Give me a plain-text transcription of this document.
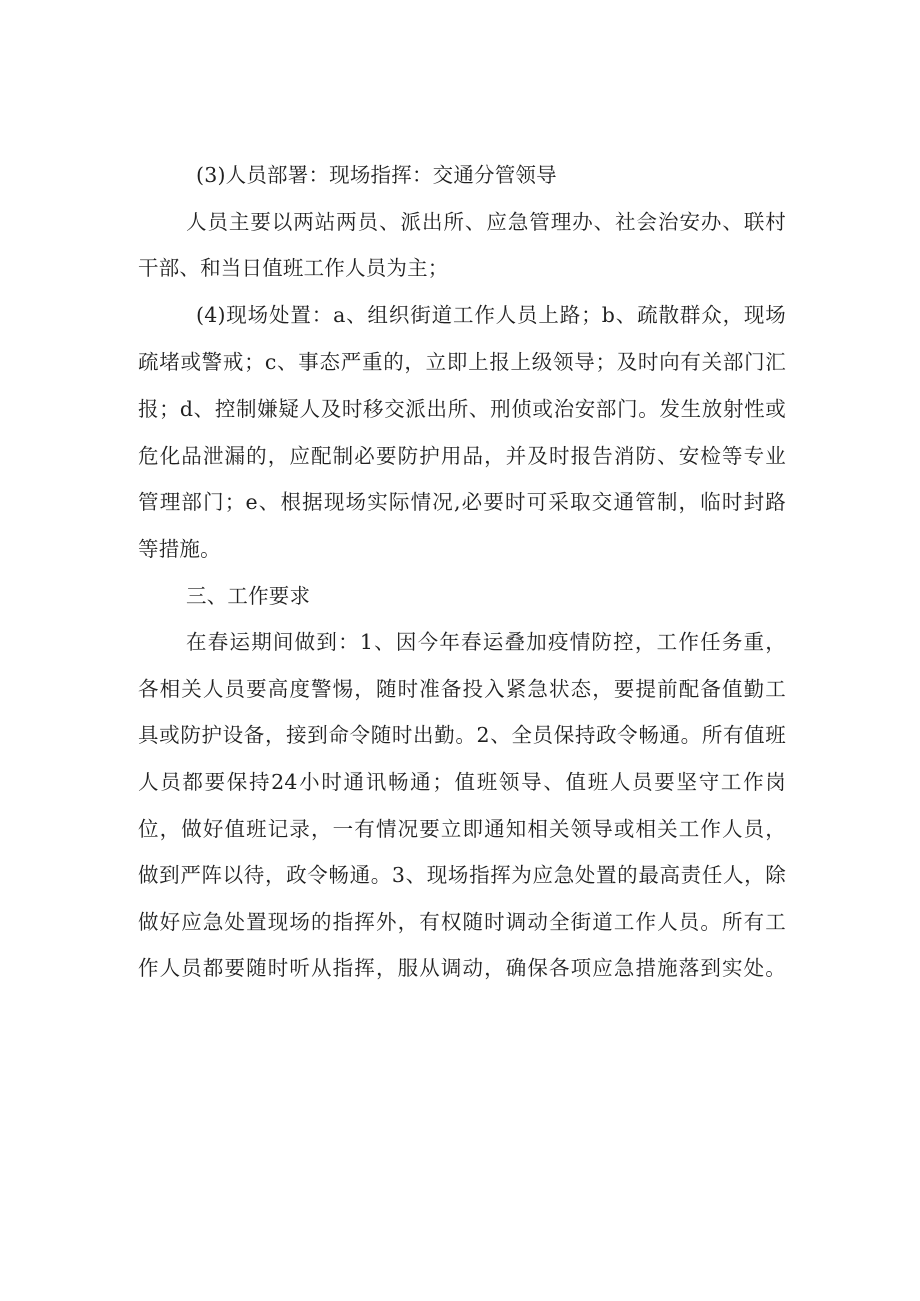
(3)人员部署：现场指挥：交通分管领导
人员主要以两站两员、派出所、应急管理办、社会治安办、联村
干部、和当日值班工作人员为主；
(4)现场处置：a、组织街道工作人员上路；b、疏散群众，现场
疏堵或警戒；c、事态严重的，立即上报上级领导；及时向有关部门汇
报；d、控制嫌疑人及时移交派出所、刑侦或治安部门。发生放射性或
危化品泄漏的，应配制必要防护用品，并及时报告消防、安检等专业
管理部门；e、根据现场实际情况,必要时可采取交通管制，临时封路
等措施。
三、工作要求
在春运期间做到：1、因今年春运叠加疫情防控，工作任务重，
各相关人员要高度警惕，随时准备投入紧急状态，要提前配备值勤工
具或防护设备，接到命令随时出勤。2、全员保持政令畅通。所有值班
人员都要保持24小时通讯畅通；值班领导、值班人员要坚守工作岗
位，做好值班记录，一有情况要立即通知相关领导或相关工作人员，
做到严阵以待，政令畅通。3、现场指挥为应急处置的最高责任人，除
做好应急处置现场的指挥外，有权随时调动全街道工作人员。所有工
作人员都要随时听从指挥，服从调动，确保各项应急措施落到实处。
